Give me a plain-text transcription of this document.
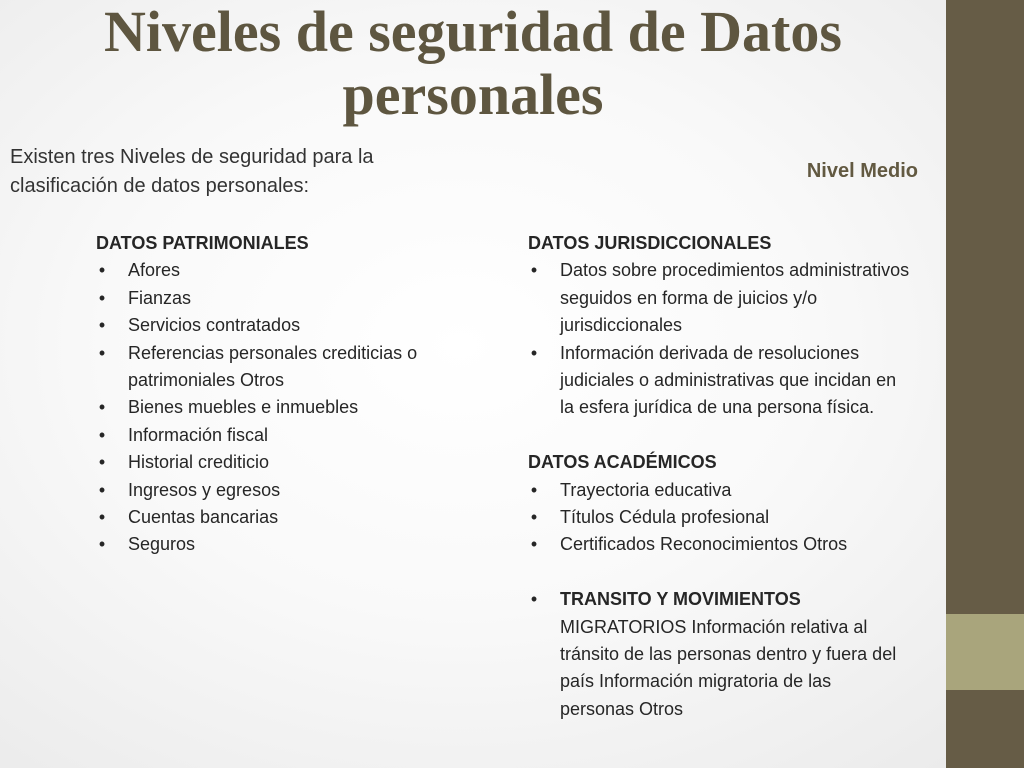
Niveles de seguridad de Datos
personales

Existen tres Niveles de seguridad para la
clasificación de datos personales:

Nivel Medio

DATOS PATRIMONIALES

• Afores
• Fianzas
• Servicios contratados
• Referencias personales crediticias o patrimoniales Otros
• Bienes muebles e inmuebles
• Información fiscal
• Historial crediticio
• Ingresos y egresos
• Cuentas bancarias
• Seguros

DATOS JURISDICCIONALES

• Datos sobre procedimientos administrativos seguidos en forma de juicios y/o jurisdiccionales
• Información derivada de resoluciones judiciales o administrativas que incidan en la esfera jurídica de una persona física.

DATOS ACADÉMICOS

• Trayectoria educativa
• Títulos Cédula profesional
• Certificados Reconocimientos Otros
• TRANSITO Y MOVIMIENTOS
MIGRATORIOS Información relativa al tránsito de las personas dentro y fuera del país Información migratoria de las personas Otros
